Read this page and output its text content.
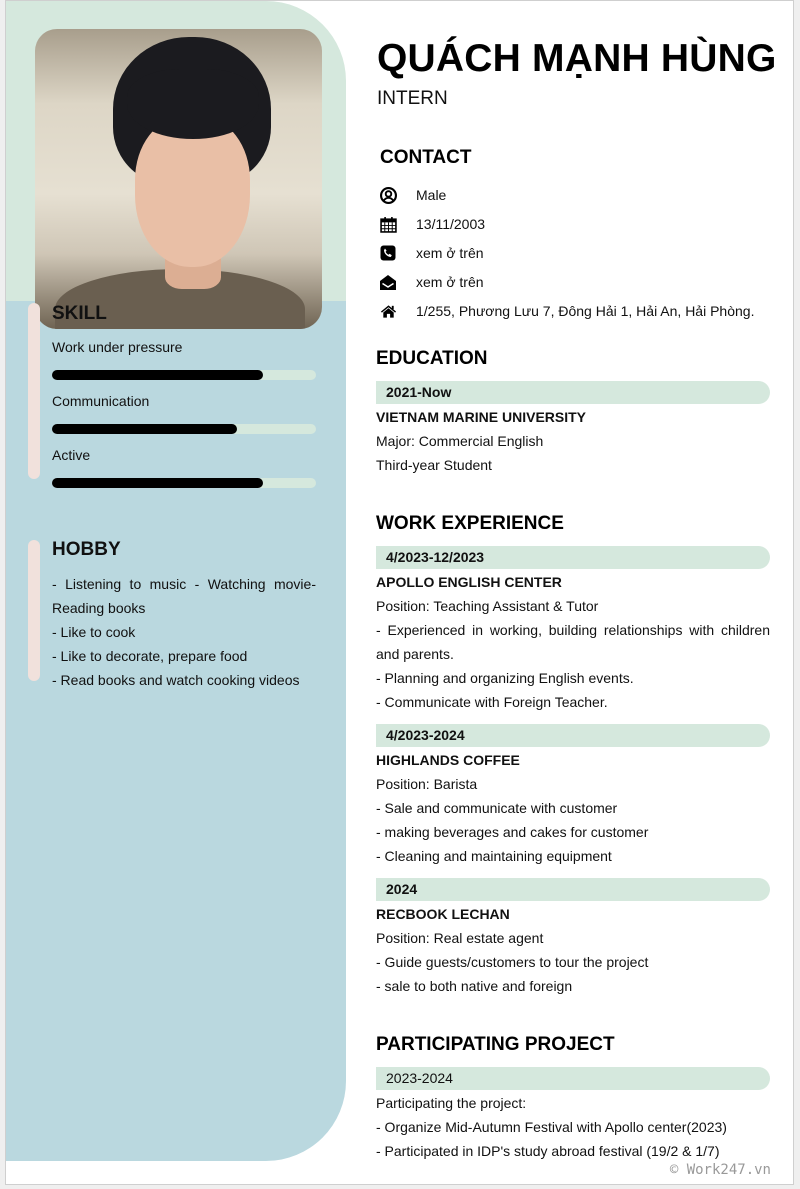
SKILL
Work under pressure
Communication
Active
HOBBY
- Listening to music - Watching movie-
Reading books
- Like to cook
- Like to decorate, prepare food
- Read books and watch cooking videos
QUÁCH MẠNH HÙNG
INTERN
CONTACT
Male
13/11/2003
xem ở trên
xem ở trên
1/255, Phương Lưu 7, Đông Hải 1, Hải An, Hải Phòng.
EDUCATION
2021-Now
VIETNAM MARINE UNIVERSITY
Major: Commercial English
Third-year Student
WORK EXPERIENCE
4/2023-12/2023
APOLLO ENGLISH CENTER
Position: Teaching Assistant & Tutor
- Experienced in working, building relationships with children and parents.
- Planning and organizing English events.
- Communicate with Foreign Teacher.
4/2023-2024
HIGHLANDS COFFEE
Position: Barista
- Sale and communicate with customer
- making beverages and cakes for customer
- Cleaning and maintaining equipment
2024
RECBOOK LECHAN
Position: Real estate agent
- Guide guests/customers to tour the project
- sale to both native and foreign
PARTICIPATING PROJECT
2023-2024
Participating the project:
- Organize Mid-Autumn Festival with Apollo center(2023)
- Participated in IDP's study abroad festival (19/2 & 1/7)
© Work247.vn
